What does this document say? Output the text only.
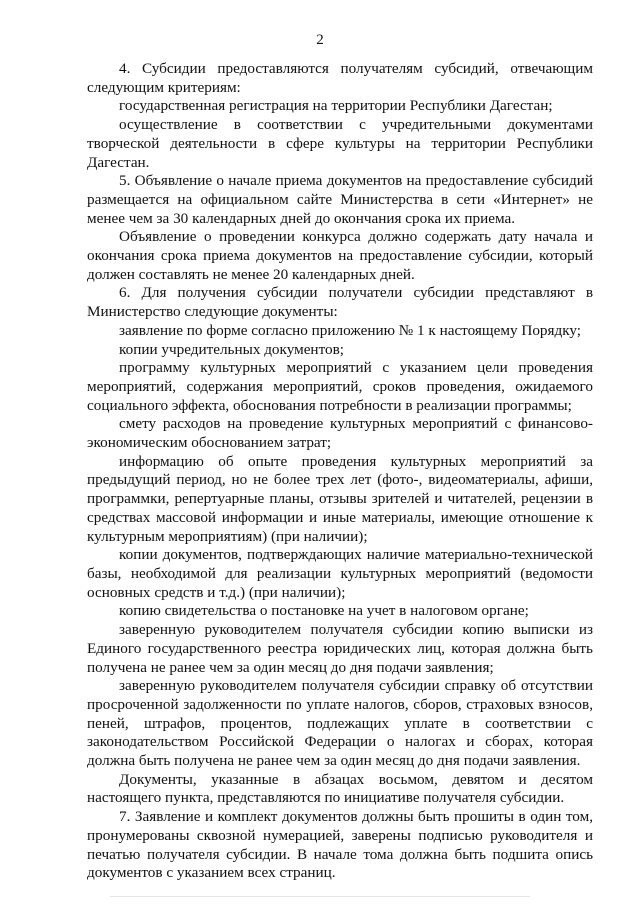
2

4. Субсидии предоставляются получателям субсидий, отвечающим следующим критериям:

государственная регистрация на территории Республики Дагестан;

осуществление в соответствии с учредительными документами творческой деятельности в сфере культуры на территории Республики Дагестан.

5. Объявление о начале приема документов на предоставление субсидий размещается на официальном сайте Министерства в сети «Интернет» не менее чем за 30 календарных дней до окончания срока их приема.

Объявление о проведении конкурса должно содержать дату начала и окончания срока приема документов на предоставление субсидии, который должен составлять не менее 20 календарных дней.

6. Для получения субсидии получатели субсидии представляют в Министерство следующие документы:

заявление по форме согласно приложению № 1 к настоящему Порядку;

копии учредительных документов;

программу культурных мероприятий с указанием цели проведения мероприятий, содержания мероприятий, сроков проведения, ожидаемого социального эффекта, обоснования потребности в реализации программы;

смету расходов на проведение культурных мероприятий с финансово-экономическим обоснованием затрат;

информацию об опыте проведения культурных мероприятий за предыдущий период, но не более трех лет (фото-, видеоматериалы, афиши, программки, репертуарные планы, отзывы зрителей и читателей, рецензии в средствах массовой информации и иные материалы, имеющие отношение к культурным мероприятиям) (при наличии);

копии документов, подтверждающих наличие материально-технической базы, необходимой для реализации культурных мероприятий (ведомости основных средств и т.д.) (при наличии);

копию свидетельства о постановке на учет в налоговом органе;

заверенную руководителем получателя субсидии копию выписки из Единого государственного реестра юридических лиц, которая должна быть получена не ранее чем за один месяц до дня подачи заявления;

заверенную руководителем получателя субсидии справку об отсутствии просроченной задолженности по уплате налогов, сборов, страховых взносов, пеней, штрафов, процентов, подлежащих уплате в соответствии с законодательством Российской Федерации о налогах и сборах, которая должна быть получена не ранее чем за один месяц до дня подачи заявления.

Документы, указанные в абзацах восьмом, девятом и десятом настоящего пункта, представляются по инициативе получателя субсидии.

7. Заявление и комплект документов должны быть прошиты в один том, пронумерованы сквозной нумерацией, заверены подписью руководителя и печатью получателя субсидии. В начале тома должна быть подшита опись документов с указанием всех страниц.
